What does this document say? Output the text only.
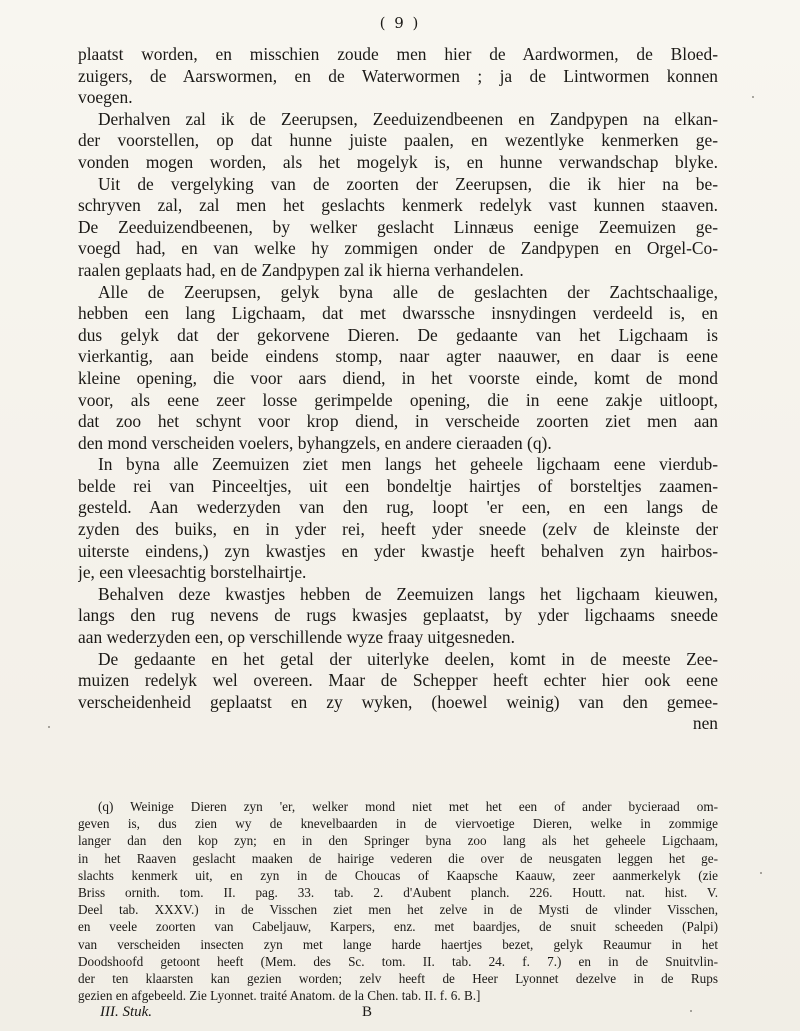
( 9 )
plaatst worden, en misschien zoude men hier de Aardwormen, de Bloed-
zuigers, de Aarswormen, en de Waterwormen ; ja de Lintwormen konnen
voegen.
Derhalven zal ik de Zeerupsen, Zeeduizendbeenen en Zandpypen na elkan-
der voorstellen, op dat hunne juiste paalen, en wezentlyke kenmerken ge-
vonden mogen worden, als het mogelyk is, en hunne verwandschap blyke.
Uit de vergelyking van de zoorten der Zeerupsen, die ik hier na be-
schryven zal, zal men het geslachts kenmerk redelyk vast kunnen staaven.
De Zeeduizendbeenen, by welker geslacht Linnæus eenige Zeemuizen ge-
voegd had, en van welke hy zommigen onder de Zandpypen en Orgel-Co-
raalen geplaats had, en de Zandpypen zal ik hierna verhandelen.
Alle de Zeerupsen, gelyk byna alle de geslachten der Zachtschaalige,
hebben een lang Ligchaam, dat met dwarssche insnydingen verdeeld is, en
dus gelyk dat der gekorvene Dieren. De gedaante van het Ligchaam is
vierkantig, aan beide eindens stomp, naar agter naauwer, en daar is eene
kleine opening, die voor aars diend, in het voorste einde, komt de mond
voor, als eene zeer losse gerimpelde opening, die in eene zakje uitloopt,
dat zoo het schynt voor krop diend, in verscheide zoorten ziet men aan
den mond verscheiden voelers, byhangzels, en andere cieraaden (q).
In byna alle Zeemuizen ziet men langs het geheele ligchaam eene vierdub-
belde rei van Pinceeltjes, uit een bondeltje hairtjes of borsteltjes zaamen-
gesteld. Aan wederzyden van den rug, loopt 'er een, en een langs de
zyden des buiks, en in yder rei, heeft yder sneede (zelv de kleinste der
uiterste eindens,) zyn kwastjes en yder kwastje heeft behalven zyn hairbos-
je, een vleesachtig borstelhairtje.
Behalven deze kwastjes hebben de Zeemuizen langs het ligchaam kieuwen,
langs den rug nevens de rugs kwasjes geplaatst, by yder ligchaams sneede
aan wederzyden een, op verschillende wyze fraay uitgesneden.
De gedaante en het getal der uiterlyke deelen, komt in de meeste Zee-
muizen redelyk wel overeen. Maar de Schepper heeft echter hier ook eene
verscheidenheid geplaatst en zy wyken, (hoewel weinig) van den gemee-
nen
(q) Weinige Dieren zyn 'er, welker mond niet met het een of ander bycieraad om-
geven is, dus zien wy de knevelbaarden in de viervoetige Dieren, welke in zommige
langer dan den kop zyn; en in den Springer byna zoo lang als het geheele Ligchaam,
in het Raaven geslacht maaken de hairige vederen die over de neusgaten leggen het ge-
slachts kenmerk uit, en zyn in de Choucas of Kaapsche Kaauw, zeer aanmerkelyk (zie
Briss ornith. tom. II. pag. 33. tab. 2. d'Aubent planch. 226. Houtt. nat. hist. V.
Deel tab. XXXV.) in de Visschen ziet men het zelve in de Mysti de vlinder Visschen,
en veele zoorten van Cabeljauw, Karpers, enz. met baardjes, de snuit scheeden (Palpi)
van verscheiden insecten zyn met lange harde haertjes bezet, gelyk Reaumur in het
Doodshoofd getoont heeft (Mem. des Sc. tom. II. tab. 24. f. 7.) en in de Snuitvlin-
der ten klaarsten kan gezien worden; zelv heeft de Heer Lyonnet dezelve in de Rups
gezien en afgebeeld. Zie Lyonnet. traité Anatom. de la Chen. tab. II. f. 6. B.]
III. Stuk.	B
